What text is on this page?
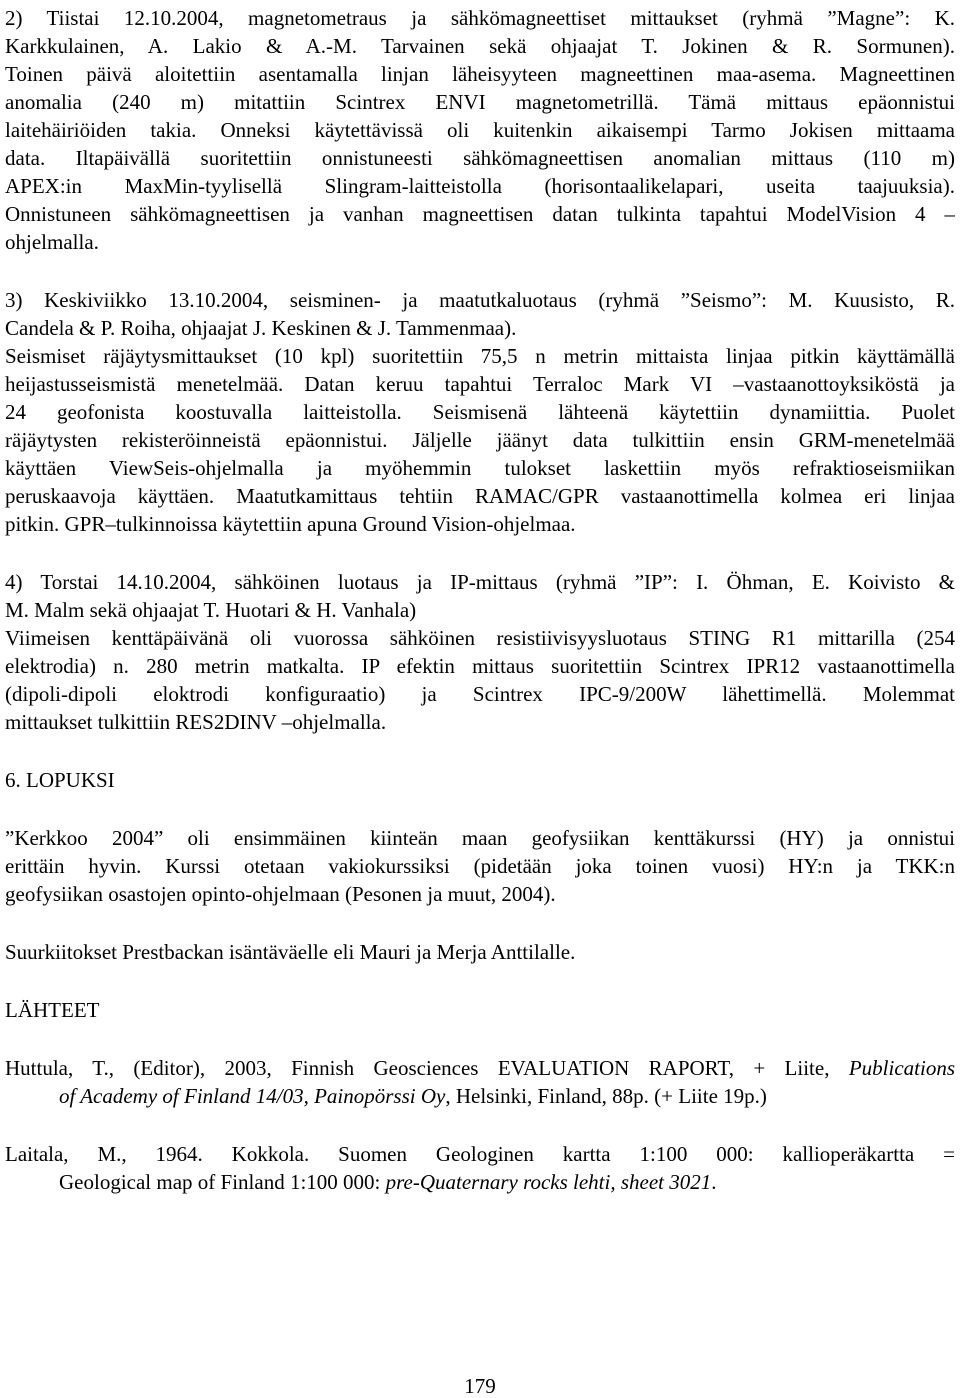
2) Tiistai 12.10.2004, magnetometraus ja sähkömagneettiset mittaukset (ryhmä ”Magne”: K.
Karkkulainen, A. Lakio & A.-M. Tarvainen sekä ohjaajat T. Jokinen & R. Sormunen).
Toinen päivä aloitettiin asentamalla linjan läheisyyteen magneettinen maa-asema. Magneettinen
anomalia (240 m) mitattiin Scintrex ENVI magnetometrillä. Tämä mittaus epäonnistui
laitehäiriöiden takia. Onneksi käytettävissä oli kuitenkin aikaisempi Tarmo Jokisen mittaama
data. Iltapäivällä suoritettiin onnistuneesti sähkömagneettisen anomalian mittaus (110 m)
APEX:in MaxMin-tyylisellä Slingram-laitteistolla (horisontaalikelapari, useita taajuuksia).
Onnistuneen sähkömagneettisen ja vanhan magneettisen datan tulkinta tapahtui ModelVision 4 –
ohjelmalla.
3) Keskiviikko 13.10.2004, seisminen- ja maatutkaluotaus (ryhmä ”Seismo”: M. Kuusisto, R.
Candela & P. Roiha, ohjaajat J. Keskinen & J. Tammenmaa).
Seismiset räjäytysmittaukset (10 kpl) suoritettiin 75,5 n metrin mittaista linjaa pitkin käyttämällä
heijastusseismistä menetelmää. Datan keruu tapahtui Terraloc Mark VI –vastaanottoyksiköstä ja
24 geofonista koostuvalla laitteistolla. Seismisenä lähteenä käytettiin dynamiittia. Puolet
räjäytysten rekisteröinneistä epäonnistui. Jäljelle jäänyt data tulkittiin ensin GRM-menetelmää
käyttäen ViewSeis-ohjelmalla ja myöhemmin tulokset laskettiin myös refraktioseismiikan
peruskaavoja käyttäen. Maatutkamittaus tehtiin RAMAC/GPR vastaanottimella kolmea eri linjaa
pitkin. GPR–tulkinnoissa käytettiin apuna Ground Vision-ohjelmaa.
4) Torstai 14.10.2004, sähköinen luotaus ja IP-mittaus (ryhmä ”IP”: I. Öhman, E. Koivisto &
M. Malm sekä ohjaajat T. Huotari & H. Vanhala)
Viimeisen kenttäpäivänä oli vuorossa sähköinen resistiivisyysluotaus STING R1 mittarilla (254
elektrodia) n. 280 metrin matkalta. IP efektin mittaus suoritettiin Scintrex IPR12 vastaanottimella
(dipoli-dipoli eloktrodi konfiguraatio) ja Scintrex IPC-9/200W lähettimellä. Molemmat
mittaukset tulkittiin RES2DINV –ohjelmalla.
6. LOPUKSI
”Kerkkoo 2004” oli ensimmäinen kiinteän maan geofysiikan kenttäkurssi (HY) ja onnistui
erittäin hyvin. Kurssi otetaan vakiokurssiksi (pidetään joka toinen vuosi) HY:n ja TKK:n
geofysiikan osastojen opinto-ohjelmaan (Pesonen ja muut, 2004).
Suurkiitokset Prestbackan isäntäväelle eli Mauri ja Merja Anttilalle.
LÄHTEET
Huttula, T., (Editor), 2003, Finnish Geosciences EVALUATION RAPORT, + Liite, Publications
of Academy of Finland 14/03, Painopörssi Oy, Helsinki, Finland, 88p. (+ Liite 19p.)
Laitala, M., 1964. Kokkola. Suomen Geologinen kartta 1:100 000: kallioperäkartta =
Geological map of Finland 1:100 000: pre-Quaternary rocks lehti, sheet 3021.
179
